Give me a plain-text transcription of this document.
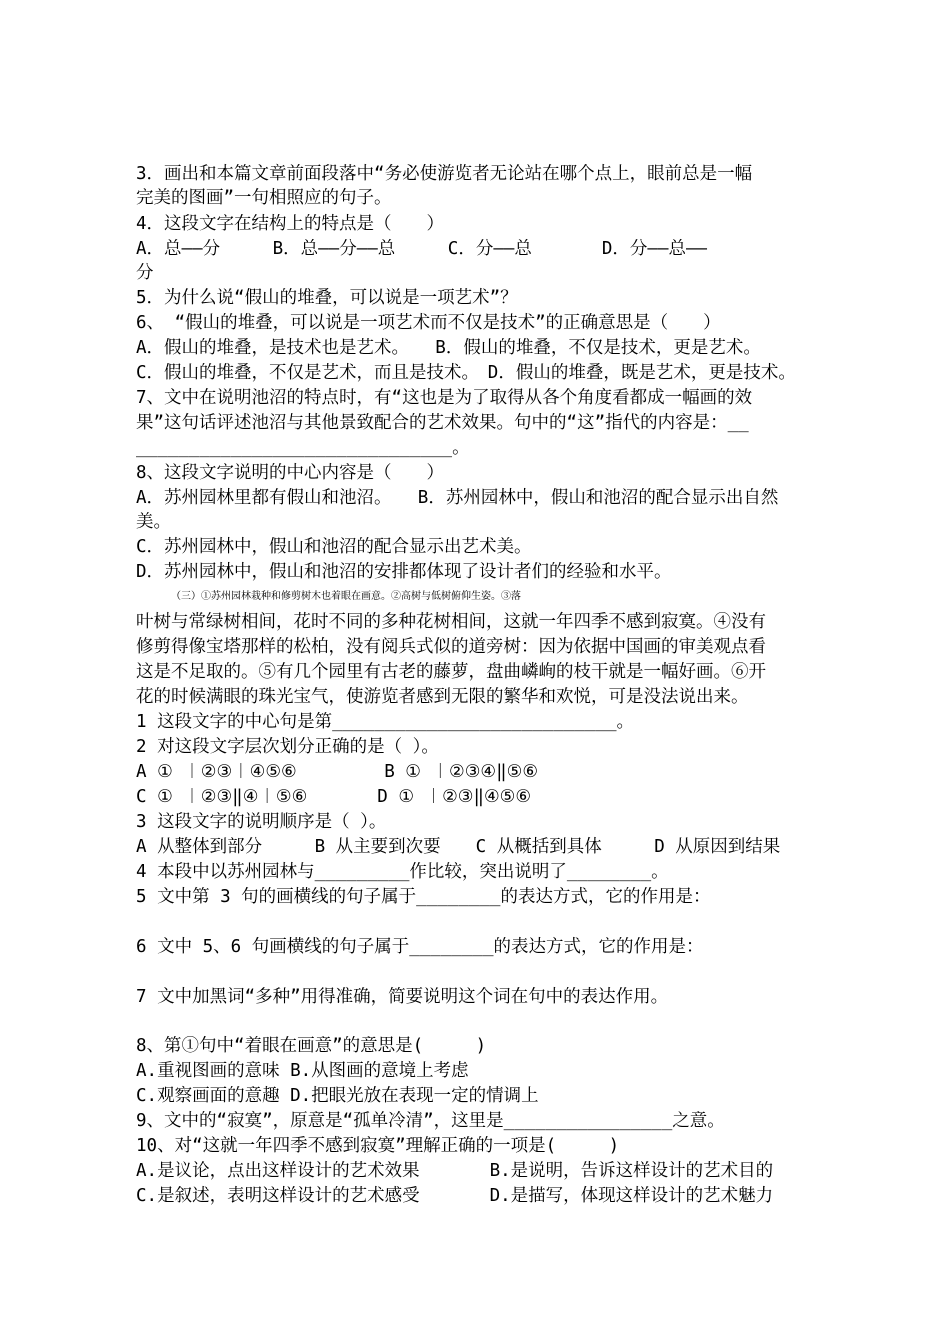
3．画出和本篇文章前面段落中“务必使游览者无论站在哪个点上，眼前总是一幅
完美的图画”一句相照应的句子。
4．这段文字在结构上的特点是（　　）
A．总——分　　　B．总——分——总　　　C．分——总　　　　D．分——总——
分
5．为什么说“假山的堆叠，可以说是一项艺术”？
6、 “假山的堆叠，可以说是一项艺术而不仅是技术”的正确意思是（　　）
A．假山的堆叠，是技术也是艺术。　　B．假山的堆叠，不仅是技术，更是艺术。
C．假山的堆叠，不仅是艺术，而且是技术。　D．假山的堆叠，既是艺术，更是技术。
7、文中在说明池沼的特点时，有“这也是为了取得从各个角度看都成一幅画的效
果”这句话评述池沼与其他景致配合的艺术效果。句中的“这”指代的内容是：__
______________________________。
8、这段文字说明的中心内容是（　　）
A．苏州园林里都有假山和池沼。　　B．苏州园林中，假山和池沼的配合显示出自然
美。
C．苏州园林中，假山和池沼的配合显示出艺术美。
D．苏州园林中，假山和池沼的安排都体现了设计者们的经验和水平。
（三）①苏州园林栽种和修剪树木也着眼在画意。②高树与低树俯仰生姿。③落
叶树与常绿树相间，花时不同的多种花树相间，这就一年四季不感到寂寞。④没有
修剪得像宝塔那样的松柏，没有阅兵式似的道旁树：因为依据中国画的审美观点看
这是不足取的。⑤有几个园里有古老的藤萝，盘曲嶙峋的枝干就是一幅好画。⑥开
花的时候满眼的珠光宝气，使游览者感到无限的繁华和欢悦，可是没法说出来。
1 这段文字的中心句是第___________________________。
2 对这段文字层次划分正确的是（ ）。
A ① ︱②③︱④⑤⑥　　　　　B ① ︱②③④‖⑤⑥
C ① ︱②③‖④︱⑤⑥　　　　D ① ︱②③‖④⑤⑥
3 这段文字的说明顺序是（ ）。
A 从整体到部分　　　B 从主要到次要　　C 从概括到具体　　　D 从原因到结果
4 本段中以苏州园林与_________作比较，突出说明了________。
5 文中第 3 句的画横线的句子属于________的表达方式，它的作用是：
6 文中 5、6 句画横线的句子属于________的表达方式，它的作用是：
7 文中加黑词“多种”用得准确，简要说明这个词在句中的表达作用。
8、第①句中“着眼在画意”的意思是(　　　)
A.重视图画的意味 B.从图画的意境上考虑
C.观察画面的意趣 D.把眼光放在表现一定的情调上
9、文中的“寂寞”，原意是“孤单冷清”，这里是________________之意。
10、对“这就一年四季不感到寂寞”理解正确的一项是(　　　)
A.是议论，点出这样设计的艺术效果　　　　B.是说明，告诉这样设计的艺术目的
C.是叙述，表明这样设计的艺术感受　　　　D.是描写，体现这样设计的艺术魅力
